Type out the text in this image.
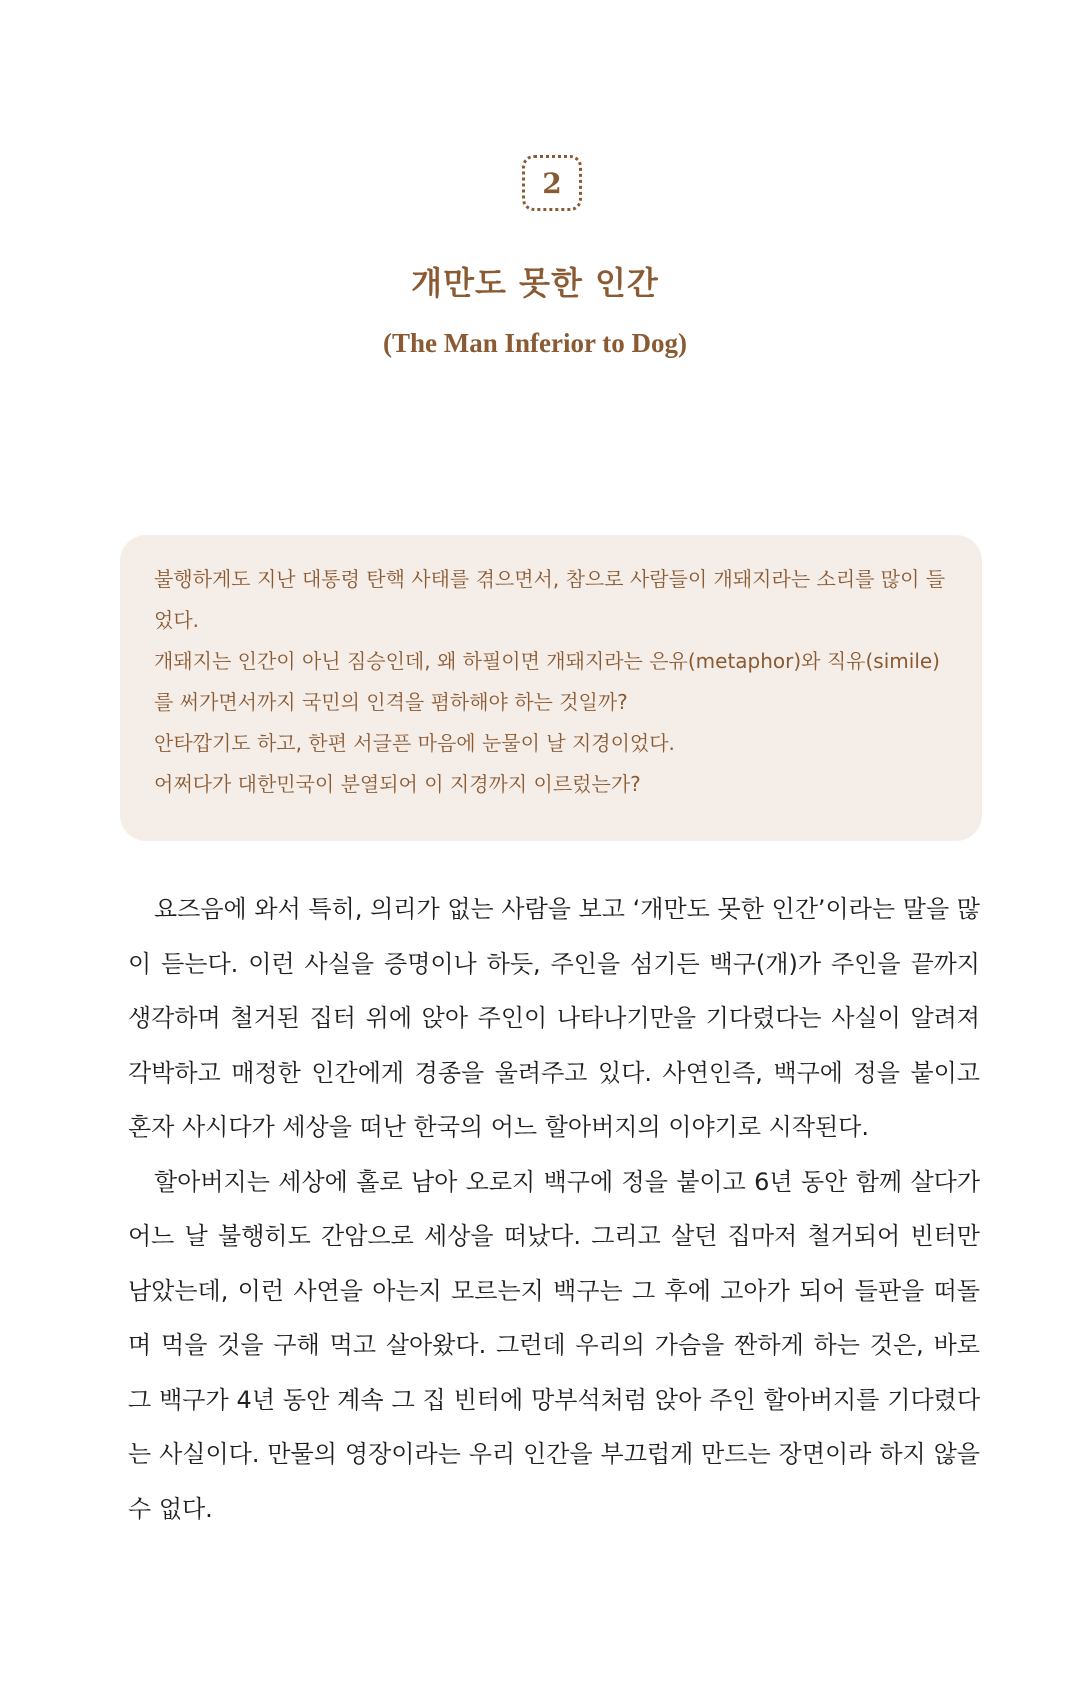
2
개만도 못한 인간
(The Man Inferior to Dog)

불행하게도 지난 대통령 탄핵 사태를 겪으면서, 참으로 사람들이 개돼지라는 소리를 많이 들었다.

개돼지는 인간이 아닌 짐승인데, 왜 하필이면 개돼지라는 은유(metaphor)와 직유(simile)를 써가면서까지 국민의 인격을 폄하해야 하는 것일까?

안타깝기도 하고, 한편 서글픈 마음에 눈물이 날 지경이었다.

어쩌다가 대한민국이 분열되어 이 지경까지 이르렀는가?

요즈음에 와서 특히, 의리가 없는 사람을 보고 ‘개만도 못한 인간’이라는 말을 많이 듣는다. 이런 사실을 증명이나 하듯, 주인을 섬기든 백구(개)가 주인을 끝까지 생각하며 철거된 집터 위에 앉아 주인이 나타나기만을 기다렸다는 사실이 알려져 각박하고 매정한 인간에게 경종을 울려주고 있다. 사연인즉, 백구에 정을 붙이고 혼자 사시다가 세상을 떠난 한국의 어느 할아버지의 이야기로 시작된다.

할아버지는 세상에 홀로 남아 오로지 백구에 정을 붙이고 6년 동안 함께 살다가 어느 날 불행히도 간암으로 세상을 떠났다. 그리고 살던 집마저 철거되어 빈터만 남았는데, 이런 사연을 아는지 모르는지 백구는 그 후에 고아가 되어 들판을 떠돌며 먹을 것을 구해 먹고 살아왔다. 그런데 우리의 가슴을 짠하게 하는 것은, 바로 그 백구가 4년 동안 계속 그 집 빈터에 망부석처럼 앉아 주인 할아버지를 기다렸다는 사실이다. 만물의 영장이라는 우리 인간을 부끄럽게 만드는 장면이라 하지 않을 수 없다.
